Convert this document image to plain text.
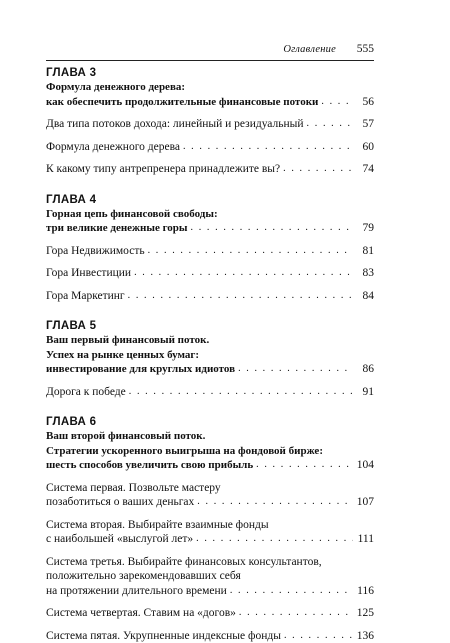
Оглавление 555
ГЛАВА 3
Формула денежного дерева:
как обеспечить продолжительные финансовые потоки . . .	56
Два типа потоков дохода: линейный и резидуальный . . .	57
Формула денежного дерева . . .	60
К какому типу антрепренера принадлежите вы? . . .	74
ГЛАВА 4
Горная цепь финансовой свободы:
три великие денежные горы . . .	79
Гора Недвижимость . . .	81
Гора Инвестиции . . .	83
Гора Маркетинг . . .	84
ГЛАВА 5
Ваш первый финансовый поток.
Успех на рынке ценных бумаг:
инвестирование для круглых идиотов . . .	86
Дорога к победе . . .	91
ГЛАВА 6
Ваш второй финансовый поток.
Стратегии ускоренного выигрыша на фондовой бирже:
шесть способов увеличить свою прибыль . . .	104
Система первая. Позвольте мастеру
позаботиться о ваших деньгах . . .	107
Система вторая. Выбирайте взаимные фонды
с наибольшей «выслугой лет» . . .	111
Система третья. Выбирайте финансовых консультантов,
положительно зарекомендовавших себя
на протяжении длительного времени . . .	116
Система четвертая. Ставим на «догов» . . .	125
Система пятая. Укрупненные индексные фонды . . .	136
